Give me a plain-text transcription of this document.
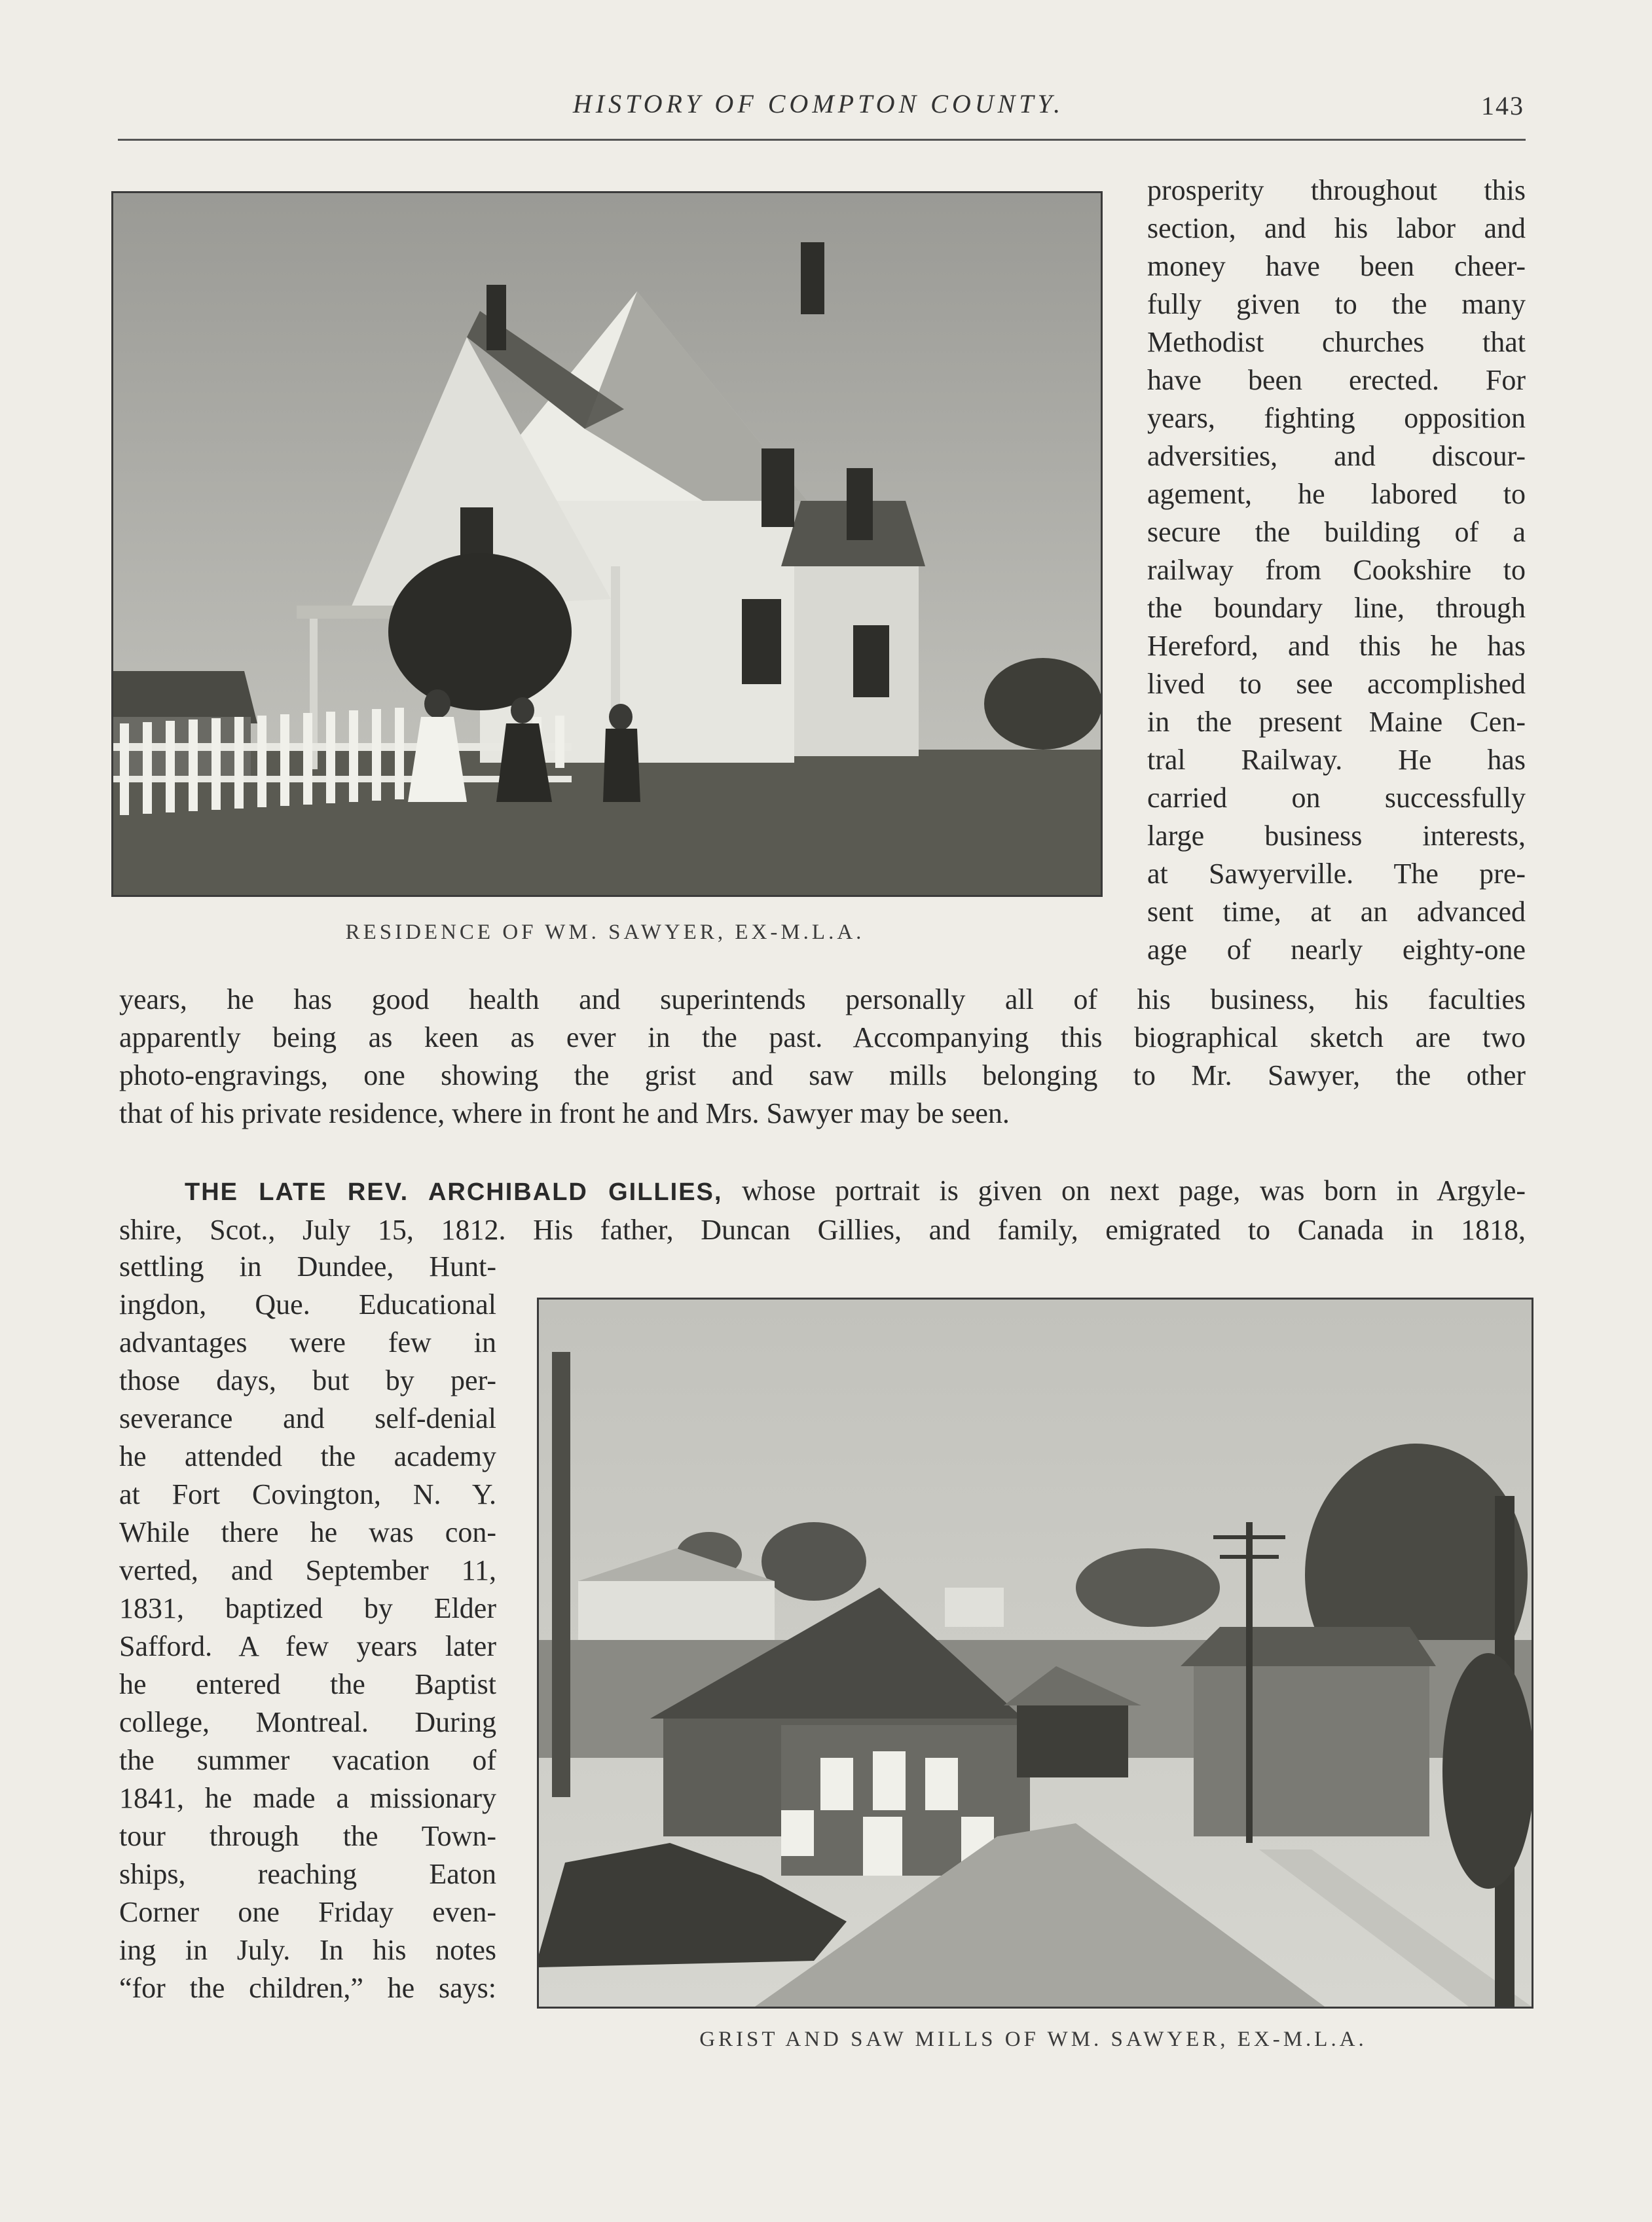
HISTORY OF COMPTON COUNTY.	143
RESIDENCE OF WM. SAWYER, EX-M.L.A.
prosperity throughout this
section, and his labor and
money have been cheer-
fully given to the many
Methodist churches that
have been erected. For
years, fighting opposition
adversities, and discour-
agement, he labored to
secure the building of a
railway from Cookshire to
the boundary line, through
Hereford, and this he has
lived to see accomplished
in the present Maine Cen-
tral Railway. He has
carried on successfully
large business interests,
at Sawyerville. The pre-
sent time, at an advanced
age of nearly eighty-one
years, he has good health and superintends personally all of his business, his faculties
apparently being as keen as ever in the past. Accompanying this biographical sketch are two
photo-engravings, one showing the grist and saw mills belonging to Mr. Sawyer, the other
that of his private residence, where in front he and Mrs. Sawyer may be seen.
THE LATE REV. ARCHIBALD GILLIES, whose portrait is given on next page, was born in Argyle-
shire, Scot., July 15, 1812. His father, Duncan Gillies, and family, emigrated to Canada in 1818,
settling in Dundee, Hunt-
ingdon, Que. Educational
advantages were few in
those days, but by per-
severance and self-denial
he attended the academy
at Fort Covington, N. Y.
While there he was con-
verted, and September 11,
1831, baptized by Elder
Safford. A few years later
he entered the Baptist
college, Montreal. During
the summer vacation of
1841, he made a missionary
tour through the Town-
ships, reaching Eaton
Corner one Friday even-
ing in July. In his notes
“for the children,” he says:
GRIST AND SAW MILLS OF WM. SAWYER, EX-M.L.A.
